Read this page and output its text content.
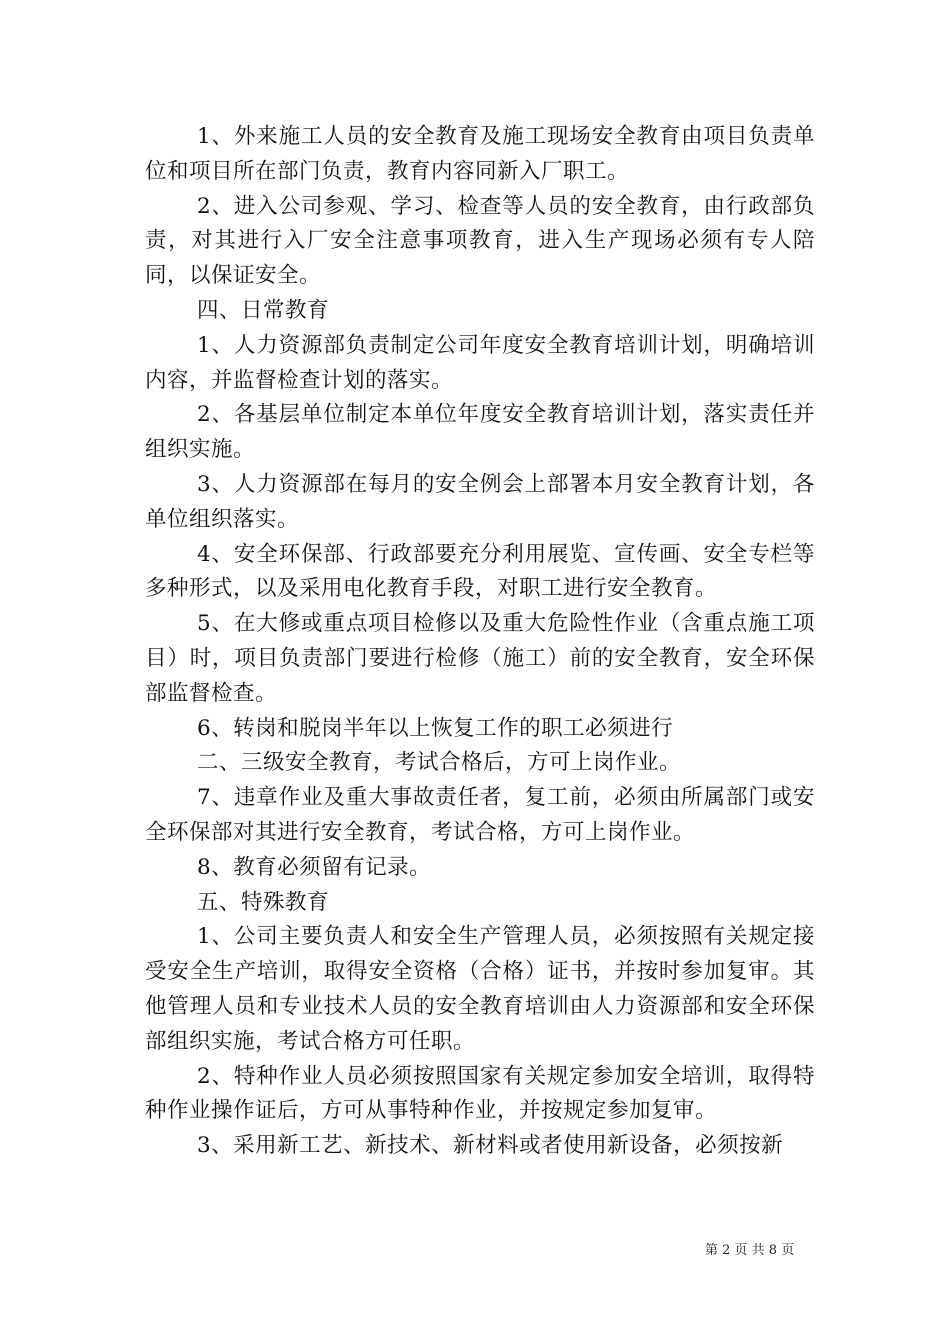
1、外来施工人员的安全教育及施工现场安全教育由项目负责单位和项目所在部门负责，教育内容同新入厂职工。

2、进入公司参观、学习、检查等人员的安全教育，由行政部负责，对其进行入厂安全注意事项教育，进入生产现场必须有专人陪同，以保证安全。

四、日常教育

1、人力资源部负责制定公司年度安全教育培训计划，明确培训内容，并监督检查计划的落实。

2、各基层单位制定本单位年度安全教育培训计划，落实责任并组织实施。

3、人力资源部在每月的安全例会上部署本月安全教育计划，各单位组织落实。

4、安全环保部、行政部要充分利用展览、宣传画、安全专栏等多种形式，以及采用电化教育手段，对职工进行安全教育。

5、在大修或重点项目检修以及重大危险性作业（含重点施工项目）时，项目负责部门要进行检修（施工）前的安全教育，安全环保部监督检查。

6、转岗和脱岗半年以上恢复工作的职工必须进行

二、三级安全教育，考试合格后，方可上岗作业。

7、违章作业及重大事故责任者，复工前，必须由所属部门或安全环保部对其进行安全教育，考试合格，方可上岗作业。

8、教育必须留有记录。

五、特殊教育

1、公司主要负责人和安全生产管理人员，必须按照有关规定接受安全生产培训，取得安全资格（合格）证书，并按时参加复审。其他管理人员和专业技术人员的安全教育培训由人力资源部和安全环保部组织实施，考试合格方可任职。

2、特种作业人员必须按照国家有关规定参加安全培训，取得特种作业操作证后，方可从事特种作业，并按规定参加复审。

3、采用新工艺、新技术、新材料或者使用新设备，必须按新

第 2 页 共 8 页
